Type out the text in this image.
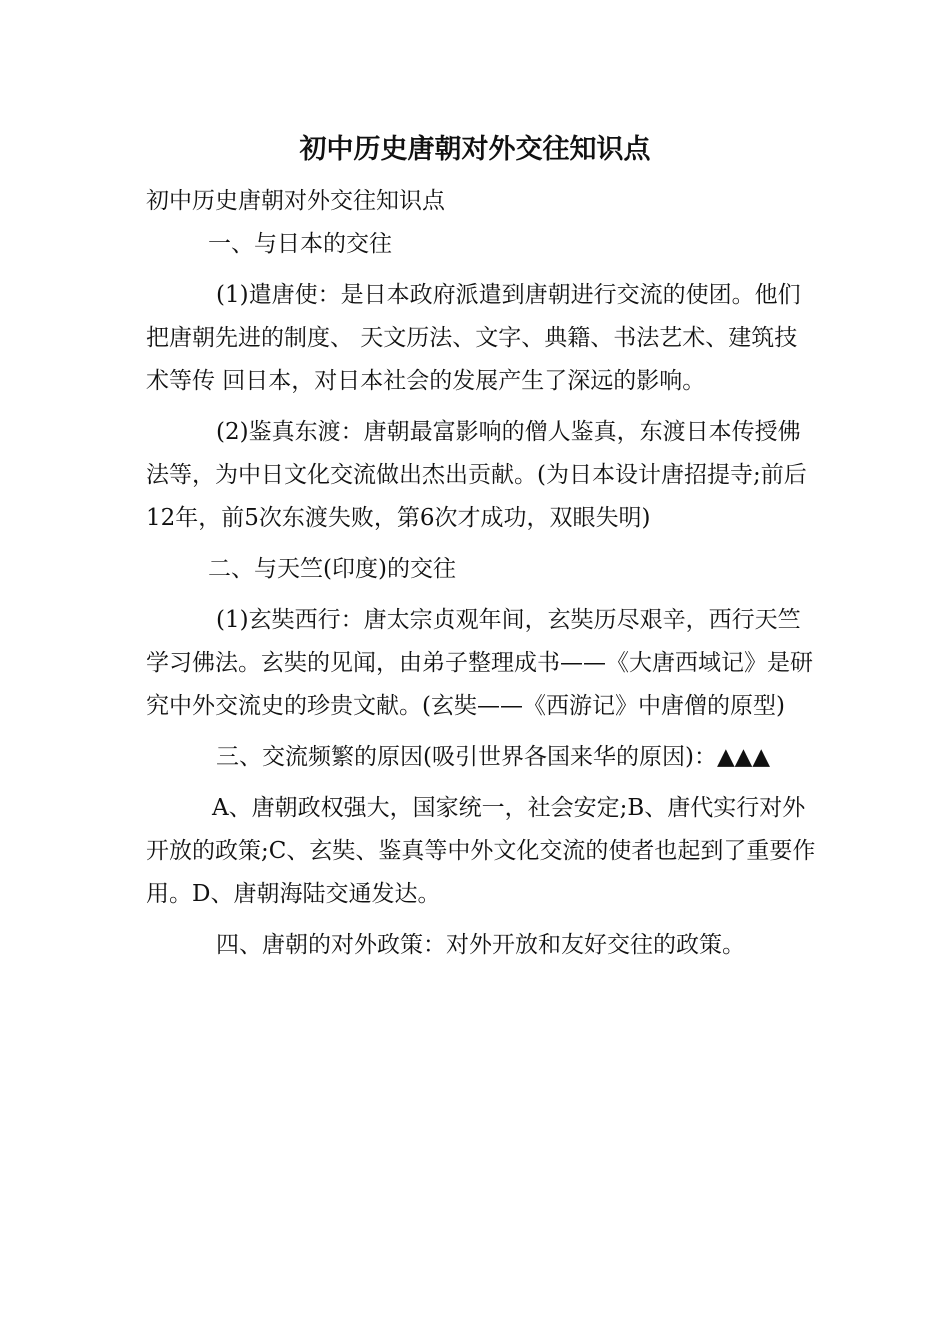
初中历史唐朝对外交往知识点

初中历史唐朝对外交往知识点

一、与日本的交往

(1)遣唐使：是日本政府派遣到唐朝进行交流的使团。他们把唐朝先进的制度、 天文历法、文字、典籍、书法艺术、建筑技术等传 回日本，对日本社会的发展产生了深远的影响。

(2)鉴真东渡：唐朝最富影响的僧人鉴真，东渡日本传授佛法等，为中日文化交流做出杰出贡献。(为日本设计唐招提寺;前后12年，前5次东渡失败，第6次才成功，双眼失明)

二、与天竺(印度)的交往

(1)玄奘西行：唐太宗贞观年间，玄奘历尽艰辛，西行天竺学习佛法。玄奘的见闻，由弟子整理成书——《大唐西域记》是研究中外交流史的珍贵文献。(玄奘——《西游记》中唐僧的原型)

三、交流频繁的原因(吸引世界各国来华的原因)：▲▲▲

A、唐朝政权强大，国家统一，社会安定;B、唐代实行对外开放的政策;C、玄奘、鉴真等中外文化交流的使者也起到了重要作用。D、唐朝海陆交通发达。

四、唐朝的对外政策：对外开放和友好交往的政策。
